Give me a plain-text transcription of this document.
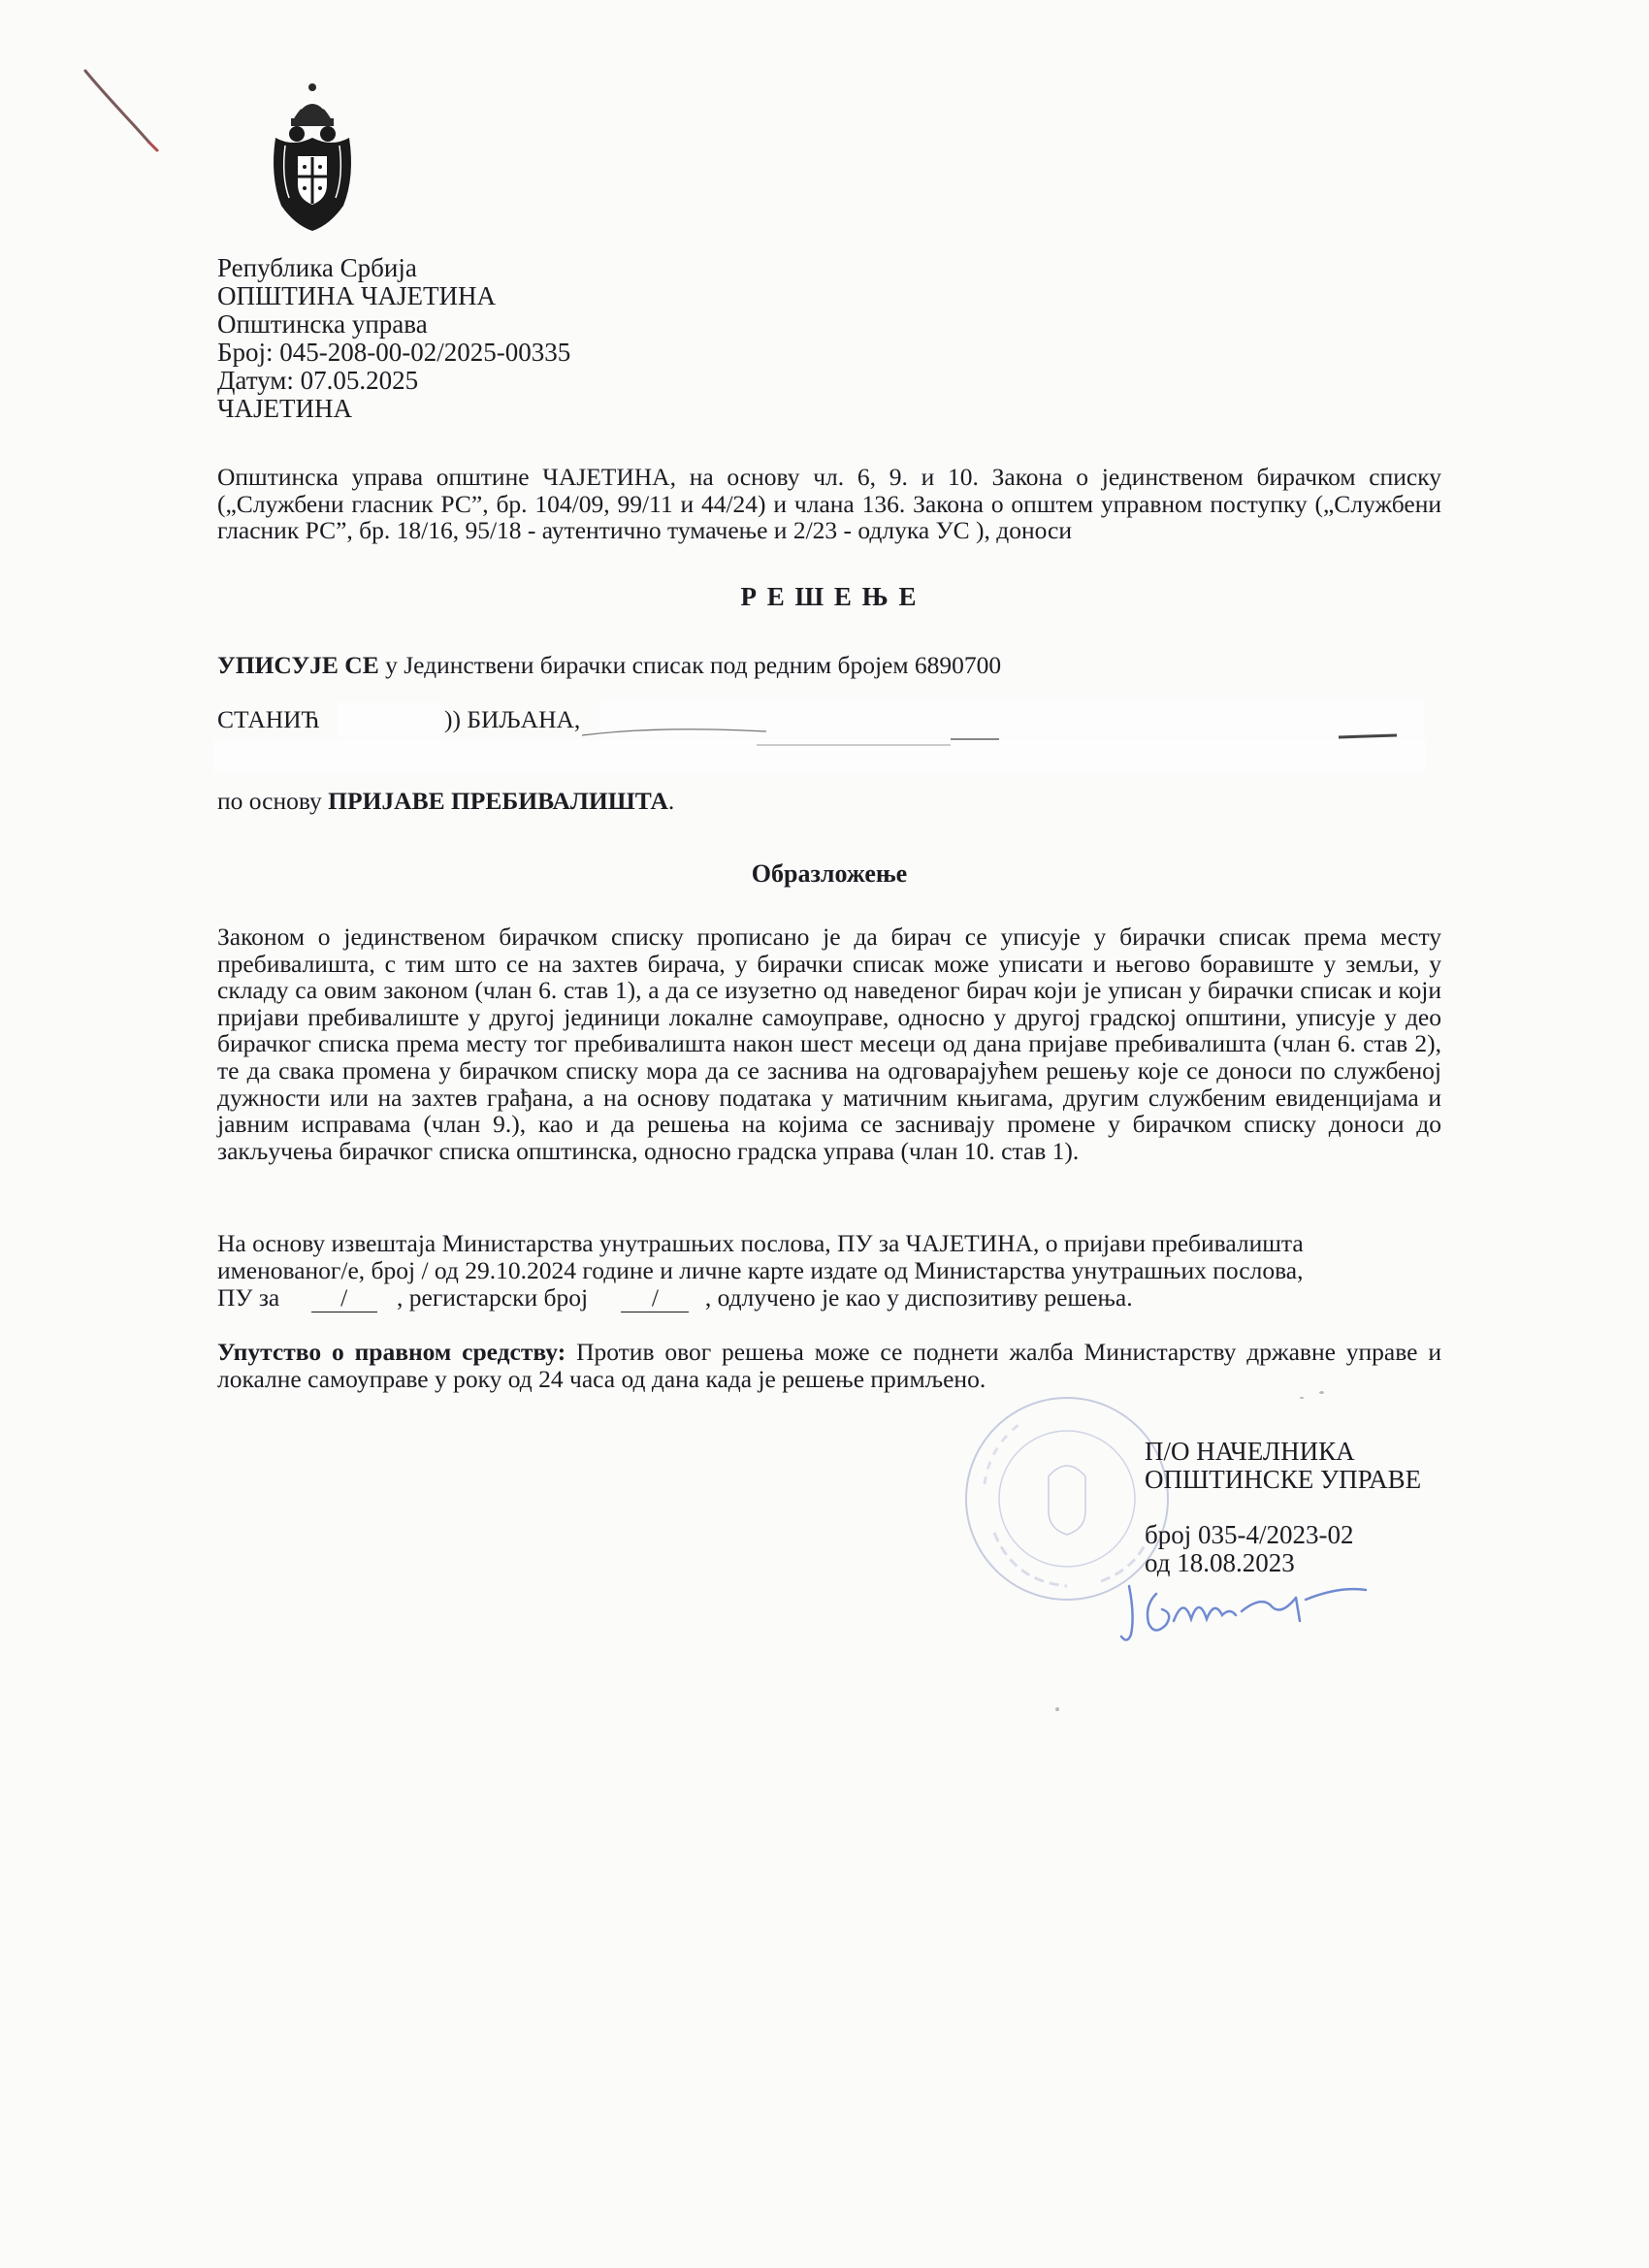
Република Србија
ОПШТИНА ЧАЈЕТИНА
Општинска управа
Број: 045-208-00-02/2025-00335
Датум: 07.05.2025
ЧАЈЕТИНА
Општинска управа општине ЧАЈЕТИНА, на основу чл. 6, 9. и 10. Закона о јединственом бирачком списку („Службени гласник РС”, бр. 104/09, 99/11 и 44/24) и члана 136. Закона о општем управном поступку („Службени гласник РС”, бр. 18/16, 95/18 - аутентично тумачење и 2/23 - одлука УС ), доноси
Р Е Ш Е Њ Е
УПИСУЈЕ СЕ у Јединствени бирачки списак под редним бројем 6890700
СТАНИЋ	)) БИЉАНА,
по основу ПРИЈАВЕ ПРЕБИВАЛИШТА.
Образложење
Законом о јединственом бирачком списку прописано је да бирач се уписује у бирачки списак према месту пребивалишта, с тим што се на захтев бирача, у бирачки списак може уписати и његово боравиште у земљи, у складу са овим законом (члан 6. став 1), а да се изузетно од наведеног бирач који је уписан у бирачки списак и који пријави пребивалиште у другој јединици локалне самоуправе, односно у другој градској општини, уписује у део бирачког списка према месту тог пребивалишта након шест месеци од дана пријаве пребивалишта (члан 6. став 2), те да свака промена у бирачком списку мора да се заснива на одговарајућем решењу које се доноси по службеној дужности или на захтев грађана, а на основу података у матичним књигама, другим службеним евиденцијама и јавним исправама (члан 9.), као и да решења на којима се заснивају промене у бирачком списку доноси до закључења бирачког списка општинска, односно градска управа (члан 10. став 1).
На основу извештаја Министарства унутрашњих послова, ПУ за ЧАЈЕТИНА, о пријави пребивалишта
именованог/е, број / од 29.10.2024 године и личне карте издате од Министарства унутрашњих послова,
ПУ за / , регистарски број	/ , одлучено је као у диспозитиву решења.
Упутство о правном средству: Против овог решења може се поднети жалба Министарству државне управе и локалне самоуправе у року од 24 часа од дана када је решење примљено.
П/О НАЧЕЛНИКА
ОПШТИНСКЕ УПРАВЕ
број 035-4/2023-02
од 18.08.2023
